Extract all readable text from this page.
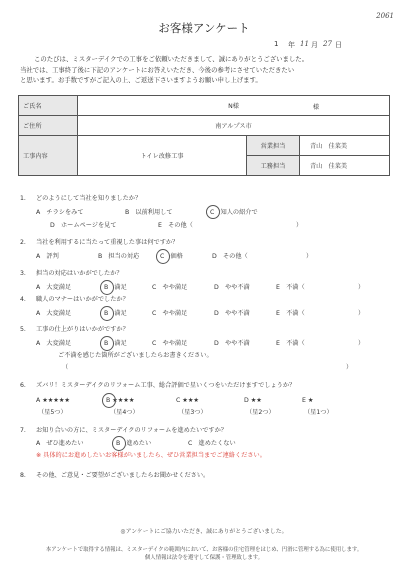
2061
お客様アンケート
1 年 11 月 27 日
このたびは、ミスターデイクでの工事をご依頼いただきまして、誠にありがとうございました。
当社では、工事終了後に下記のアンケートにお答えいただき、今後の参考にさせていただきたい
と思います。お手数ですがご記入の上、ご返送下さいますようお願い申し上げます。
ご氏名	N様 様		

ご住所	南アルプス市		
工事内容	トイレ改修工事	営業担当	青山　佳菜美
		工務担当	青山　佳菜美
1. どのようにして当社を知りましたか？
A　チラシをみて	B　以前利用して	C　知人の紹介で
D　ホームページを見て	E　その他（	）
2. 当社を利用するに当たって重視した事は何ですか？
A　評判	B　担当の対応	C　価格	D　その他（	）
3. 担当の対応はいかがでしたか？
A　大変満足	B　満足	C　やや満足	D　やや不満	E　不満（	）
4. 職人のマナーはいかがでしたか？
A　大変満足	B　満足	C　やや満足	D　やや不満	E　不満（	）
5. 工事の仕上がりはいかがですか？
A　大変満足	B　満足	C　やや満足	D　やや不満	E　不満（	）
ご不満を感じた箇所がございましたらお書きください。
（	）
6. ズバリ！ミスターデイクのリフォーム工事、総合評価で星いくつをいただけますでしょうか？
A ★★★★★	B ★★★★	C ★★★	D ★★	E ★
（星5つ）	（星4つ）	（星3つ）	（星2つ）	（星1つ）
7. お知り合いの方に、ミスターデイクのリフォームを進めたいですか？
A　ぜひ進めたい	B　進めたい	C　進めたくない
※ 具体的にお進めしたいお客様がいましたら、ぜひ営業担当までご連絡ください。
8. その他、ご意見・ご要望がございましたらお聞かせください。
◎アンケートにご協力いただき、誠にありがとうございました。
本アンケートで取得する情報は、ミスターデイクの範囲内において、お客様の住宅管理をはじめ、円滑に管理する為に使用します。
個人情報は法令を遵守して保護・管理致します。
